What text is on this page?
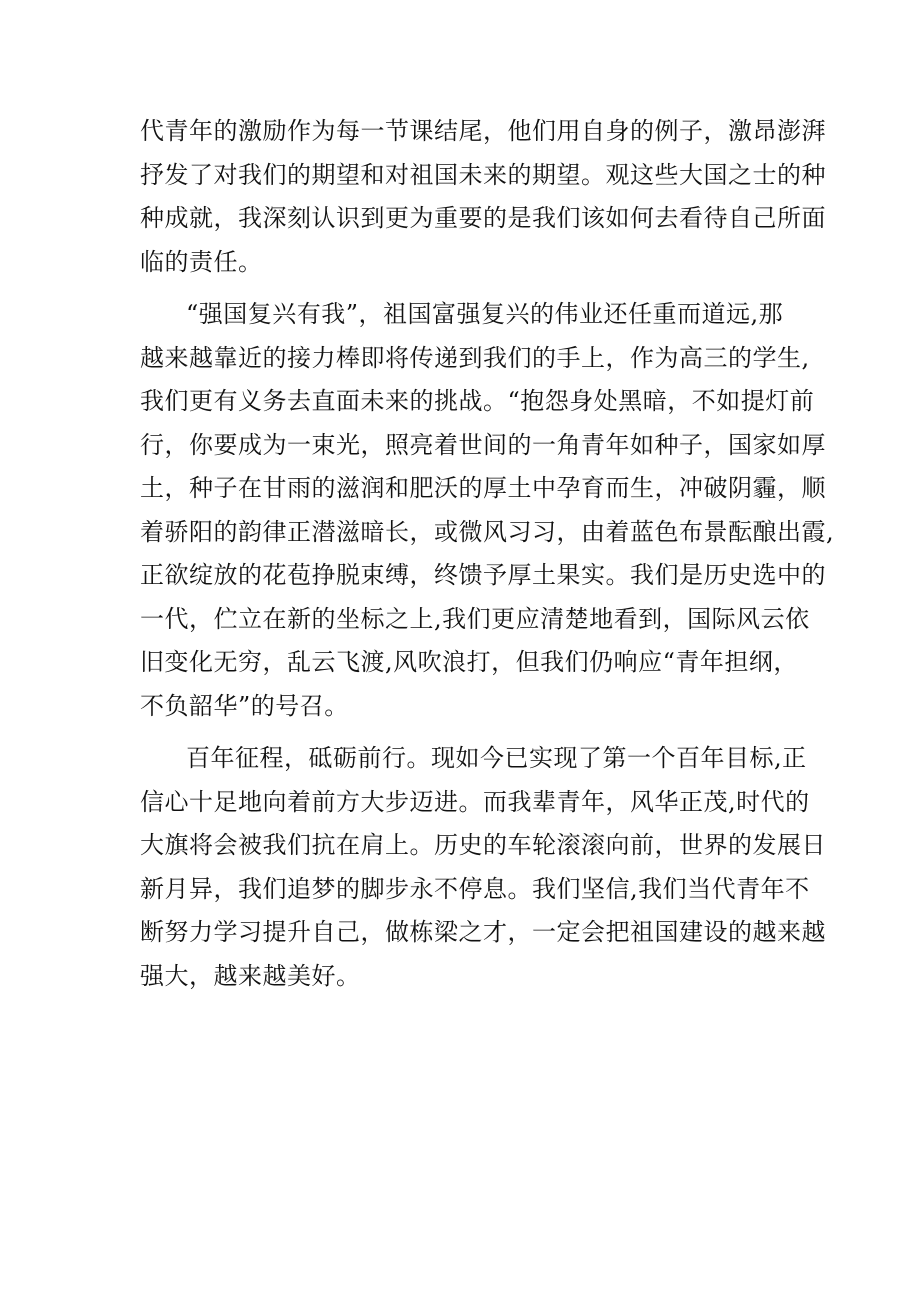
代青年的激励作为每一节课结尾，他们用自身的例子，激昂澎湃
抒发了对我们的期望和对祖国未来的期望。观这些大国之士的种
种成就，我深刻认识到更为重要的是我们该如何去看待自己所面
临的责任。
“强国复兴有我”，祖国富强复兴的伟业还任重而道远,那
越来越靠近的接力棒即将传递到我们的手上，作为高三的学生,
我们更有义务去直面未来的挑战。“抱怨身处黑暗，不如提灯前
行，你要成为一束光，照亮着世间的一角青年如种子，国家如厚
土，种子在甘雨的滋润和肥沃的厚土中孕育而生，冲破阴霾，顺
着骄阳的韵律正潜滋暗长，或微风习习，由着蓝色布景酝酿出霞,
正欲绽放的花苞挣脱束缚，终馈予厚土果实。我们是历史选中的
一代，伫立在新的坐标之上,我们更应清楚地看到，国际风云依
旧变化无穷，乱云飞渡,风吹浪打，但我们仍响应“青年担纲，
不负韶华”的号召。
百年征程，砥砺前行。现如今已实现了第一个百年目标,正
信心十足地向着前方大步迈进。而我辈青年，风华正茂,时代的
大旗将会被我们抗在肩上。历史的车轮滚滚向前，世界的发展日
新月异，我们追梦的脚步永不停息。我们坚信,我们当代青年不
断努力学习提升自己，做栋梁之才，一定会把祖国建设的越来越
强大，越来越美好。
